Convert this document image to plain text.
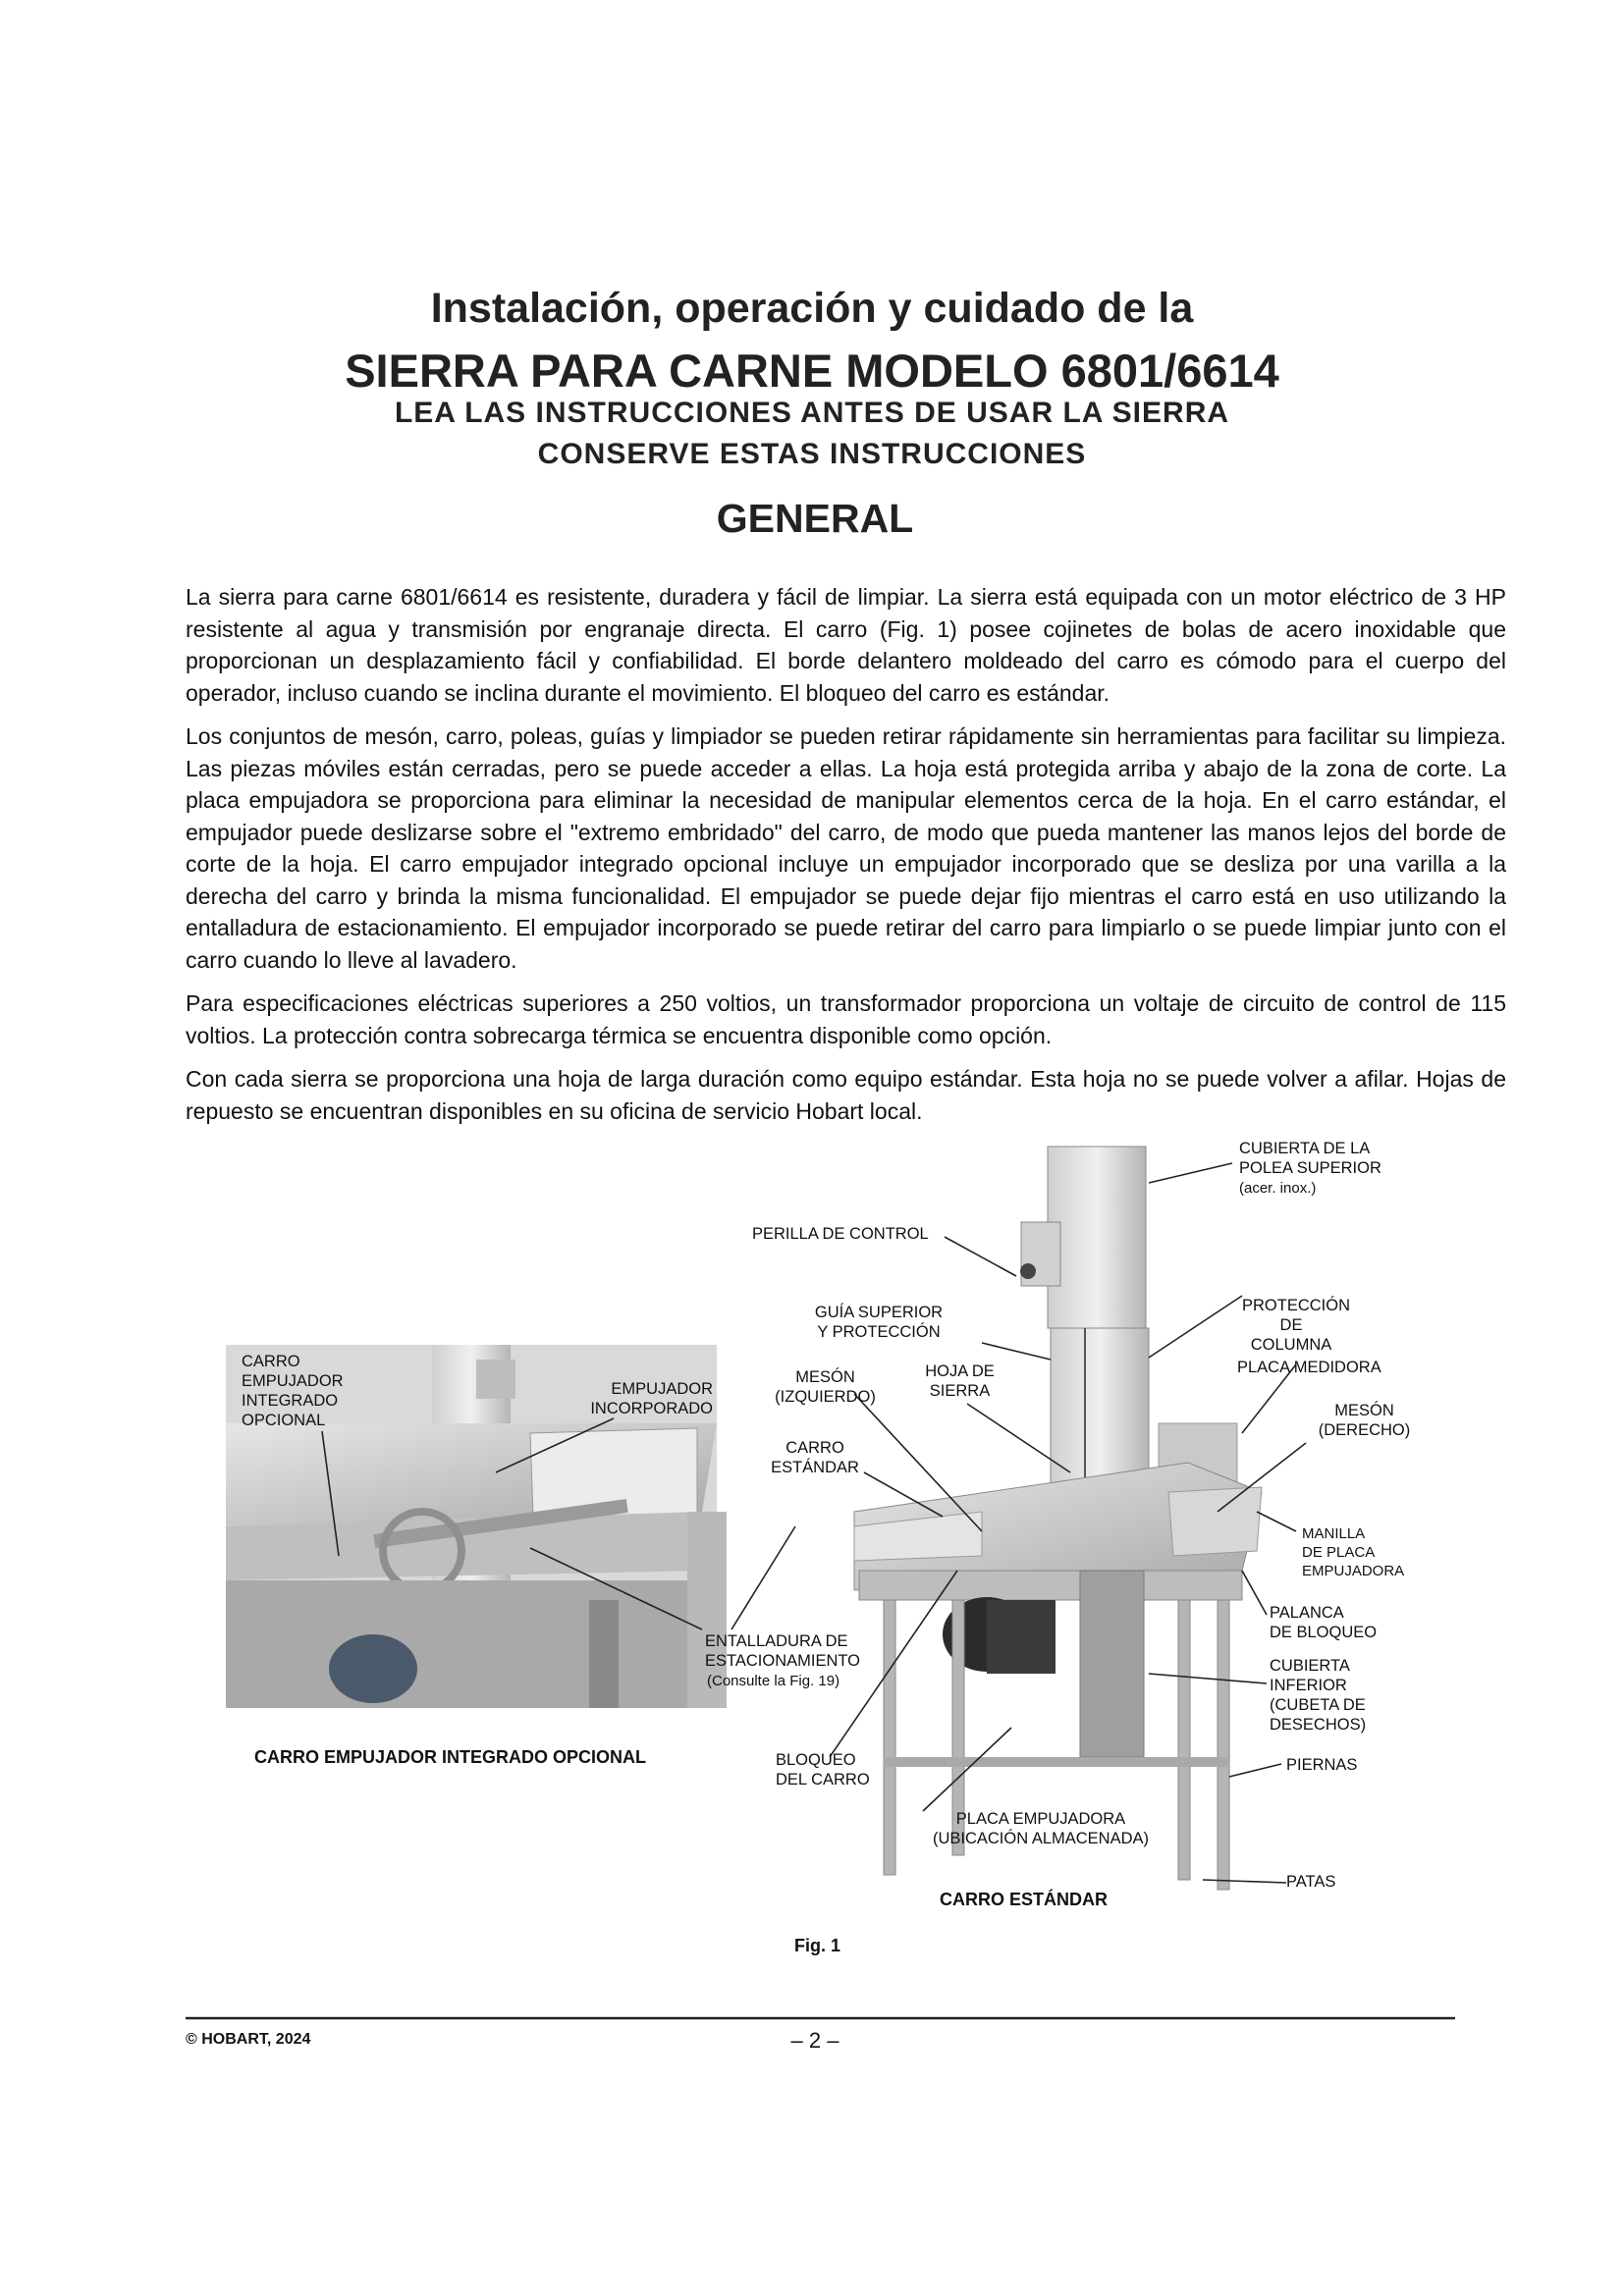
Instalación, operación y cuidado de la
SIERRA PARA CARNE MODELO 6801/6614
LEA LAS INSTRUCCIONES ANTES DE USAR LA SIERRA
CONSERVE ESTAS INSTRUCCIONES
GENERAL

La sierra para carne 6801/6614 es resistente, duradera y fácil de limpiar. La sierra está equipada con un motor eléctrico de 3 HP resistente al agua y transmisión por engranaje directa. El carro (Fig. 1) posee cojinetes de bolas de acero inoxidable que proporcionan un desplazamiento fácil y confiabilidad. El borde delantero moldeado del carro es cómodo para el cuerpo del operador, incluso cuando se inclina durante el movimiento. El bloqueo del carro es estándar.

Los conjuntos de mesón, carro, poleas, guías y limpiador se pueden retirar rápidamente sin herramientas para facilitar su limpieza. Las piezas móviles están cerradas, pero se puede acceder a ellas. La hoja está protegida arriba y abajo de la zona de corte. La placa empujadora se proporciona para eliminar la necesidad de manipular elementos cerca de la hoja. En el carro estándar, el empujador puede deslizarse sobre el "extremo embridado" del carro, de modo que pueda mantener las manos lejos del borde de corte de la hoja. El carro empujador integrado opcional incluye un empujador incorporado que se desliza por una varilla a la derecha del carro y brinda la misma funcionalidad. El empujador se puede dejar fijo mientras el carro está en uso utilizando la entalladura de estacionamiento. El empujador incorporado se puede retirar del carro para limpiarlo o se puede limpiar junto con el carro cuando lo lleve al lavadero.

Para especificaciones eléctricas superiores a 250 voltios, un transformador proporciona un voltaje de circuito de control de 115 voltios. La protección contra sobrecarga térmica se encuentra disponible como opción.

Con cada sierra se proporciona una hoja de larga duración como equipo estándar. Esta hoja no se puede volver a afilar. Hojas de repuesto se encuentran disponibles en su oficina de servicio Hobart local.

CARRO
EMPUJADOR
INTEGRADO
OPCIONAL
EMPUJADOR
INCORPORADO
ENTALLADURA DE
ESTACIONAMIENTO
(Consulte la Fig. 19)
CARRO EMPUJADOR INTEGRADO OPCIONAL
CUBIERTA DE LA
POLEA SUPERIOR
(acer. inox.)
PERILLA DE CONTROL
GUÍA SUPERIOR
Y PROTECCIÓN
PROTECCIÓN
DE COLUMNA
MESÓN
(IZQUIERDO)
HOJA DE
SIERRA
PLACA MEDIDORA
MESÓN
(DERECHO)
CARRO
ESTÁNDAR
MANILLA
DE PLACA
EMPUJADORA
PALANCA
DE BLOQUEO
CUBIERTA
INFERIOR
(CUBETA DE
DESECHOS)
BLOQUEO
DEL CARRO
PIERNAS
PLACA EMPUJADORA
(UBICACIÓN ALMACENADA)
PATAS
CARRO ESTÁNDAR
Fig. 1
© HOBART, 2024	– 2 –
